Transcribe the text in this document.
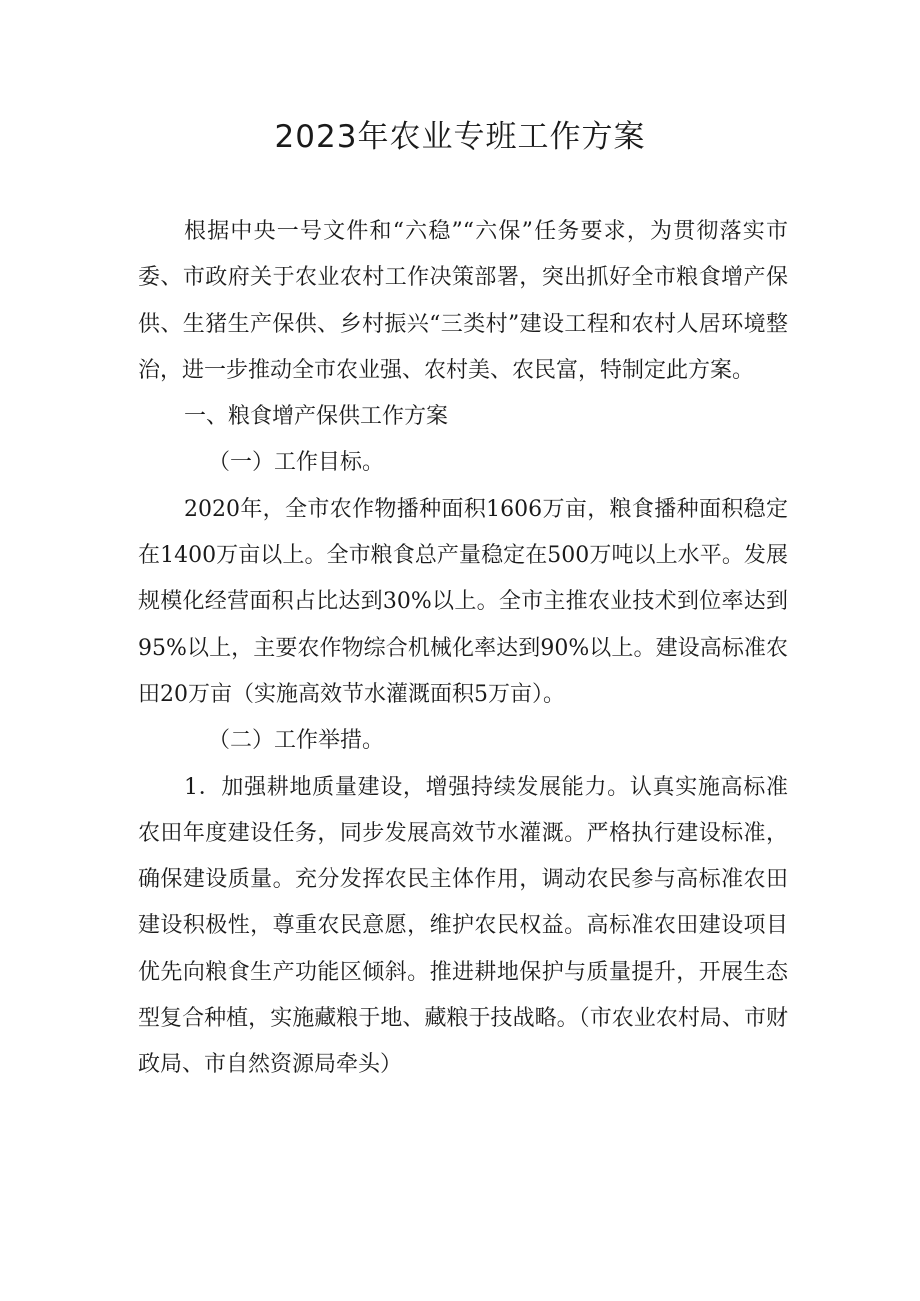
2023年农业专班工作方案

根据中央一号文件和“六稳”“六保”任务要求，为贯彻落实市委、市政府关于农业农村工作决策部署，突出抓好全市粮食增产保供、生猪生产保供、乡村振兴“三类村”建设工程和农村人居环境整治，进一步推动全市农业强、农村美、农民富，特制定此方案。

一、粮食增产保供工作方案

（一）工作目标。

2020年，全市农作物播种面积1606万亩，粮食播种面积稳定在1400万亩以上。全市粮食总产量稳定在500万吨以上水平。发展规模化经营面积占比达到30%以上。全市主推农业技术到位率达到95%以上，主要农作物综合机械化率达到90%以上。建设高标准农田20万亩（实施高效节水灌溉面积5万亩）。

（二）工作举措。

1．加强耕地质量建设，增强持续发展能力。认真实施高标准农田年度建设任务，同步发展高效节水灌溉。严格执行建设标准，确保建设质量。充分发挥农民主体作用，调动农民参与高标准农田建设积极性，尊重农民意愿，维护农民权益。高标准农田建设项目优先向粮食生产功能区倾斜。推进耕地保护与质量提升，开展生态型复合种植，实施藏粮于地、藏粮于技战略。（市农业农村局、市财政局、市自然资源局牵头）
